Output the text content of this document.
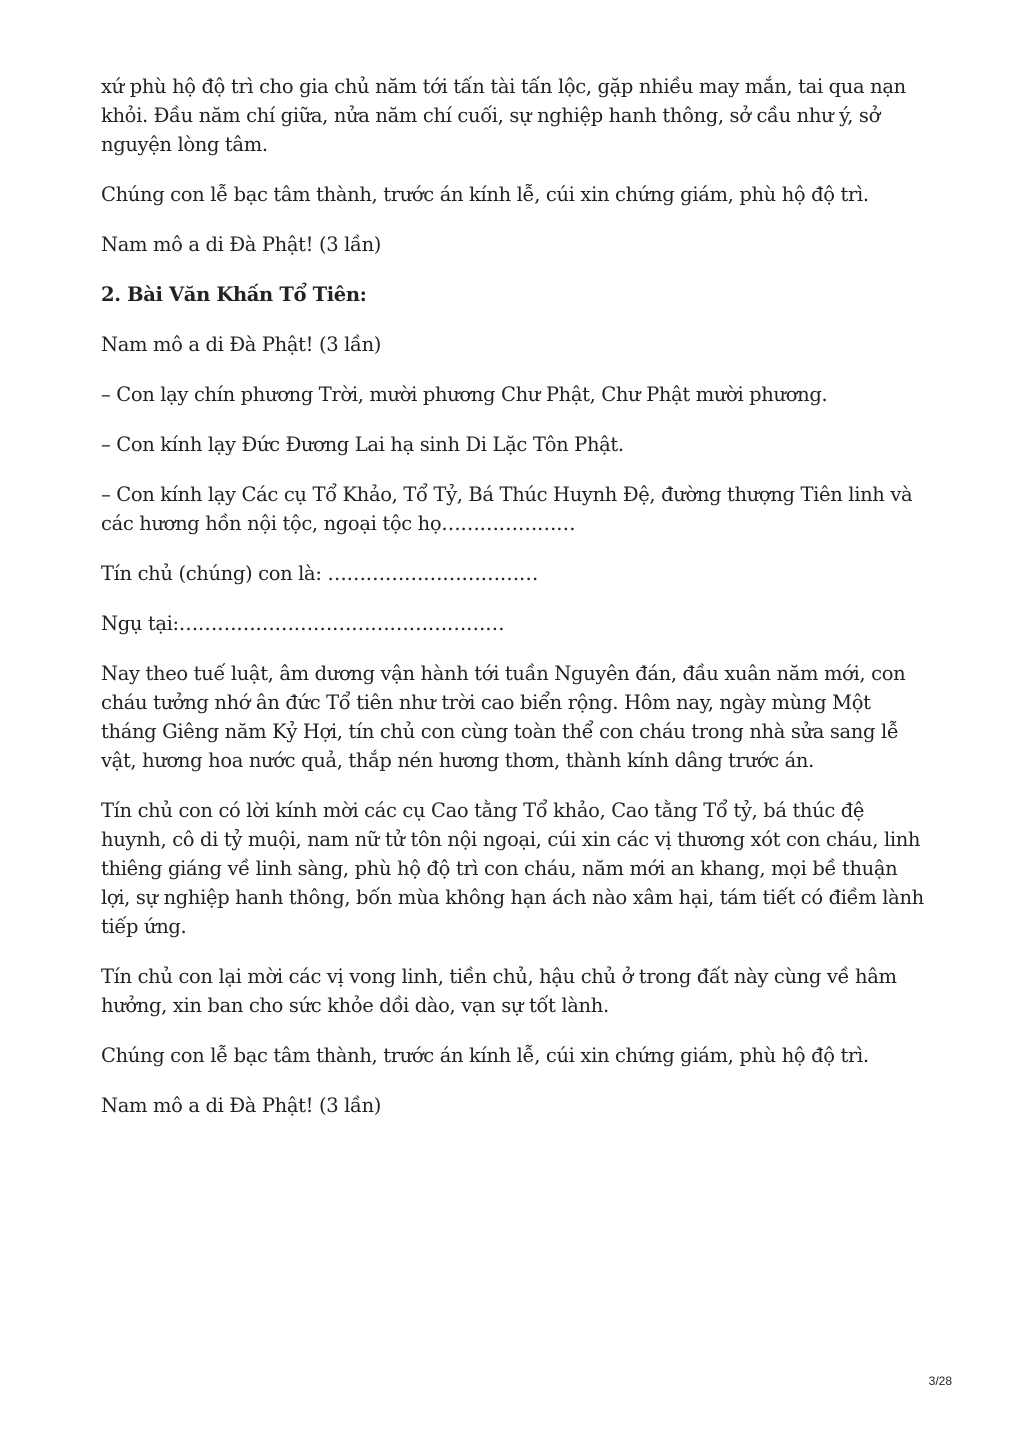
xứ phù hộ độ trì cho gia chủ năm tới tấn tài tấn lộc, gặp nhiều may mắn, tai qua nạn khỏi. Đầu năm chí giữa, nửa năm chí cuối, sự nghiệp hanh thông, sở cầu như ý, sở nguyện lòng tâm.

Chúng con lễ bạc tâm thành, trước án kính lễ, cúi xin chứng giám, phù hộ độ trì.

Nam mô a di Đà Phật! (3 lần)

2. Bài Văn Khấn Tổ Tiên:

Nam mô a di Đà Phật! (3 lần)

– Con lạy chín phương Trời, mười phương Chư Phật, Chư Phật mười phương.

– Con kính lạy Đức Đương Lai hạ sinh Di Lặc Tôn Phật.

– Con kính lạy Các cụ Tổ Khảo, Tổ Tỷ, Bá Thúc Huynh Đệ, đường thượng Tiên linh và các hương hồn nội tộc, ngoại tộc họ…………………

Tín chủ (chúng) con là: ……………………………

Ngụ tại:……………………………………………

Nay theo tuế luật, âm dương vận hành tới tuần Nguyên đán, đầu xuân năm mới, con cháu tưởng nhớ ân đức Tổ tiên như trời cao biển rộng. Hôm nay, ngày mùng Một tháng Giêng năm Kỷ Hợi, tín chủ con cùng toàn thể con cháu trong nhà sửa sang lễ vật, hương hoa nước quả, thắp nén hương thơm, thành kính dâng trước án.

Tín chủ con có lời kính mời các cụ Cao tằng Tổ khảo, Cao tằng Tổ tỷ, bá thúc đệ huynh, cô di tỷ muội, nam nữ tử tôn nội ngoại, cúi xin các vị thương xót con cháu, linh thiêng giáng về linh sàng, phù hộ độ trì con cháu, năm mới an khang, mọi bề thuận lợi, sự nghiệp hanh thông, bốn mùa không hạn ách nào xâm hại, tám tiết có điềm lành tiếp ứng.

Tín chủ con lại mời các vị vong linh, tiền chủ, hậu chủ ở trong đất này cùng về hâm hưởng, xin ban cho sức khỏe dồi dào, vạn sự tốt lành.

Chúng con lễ bạc tâm thành, trước án kính lễ, cúi xin chứng giám, phù hộ độ trì.

Nam mô a di Đà Phật! (3 lần)

3/28
